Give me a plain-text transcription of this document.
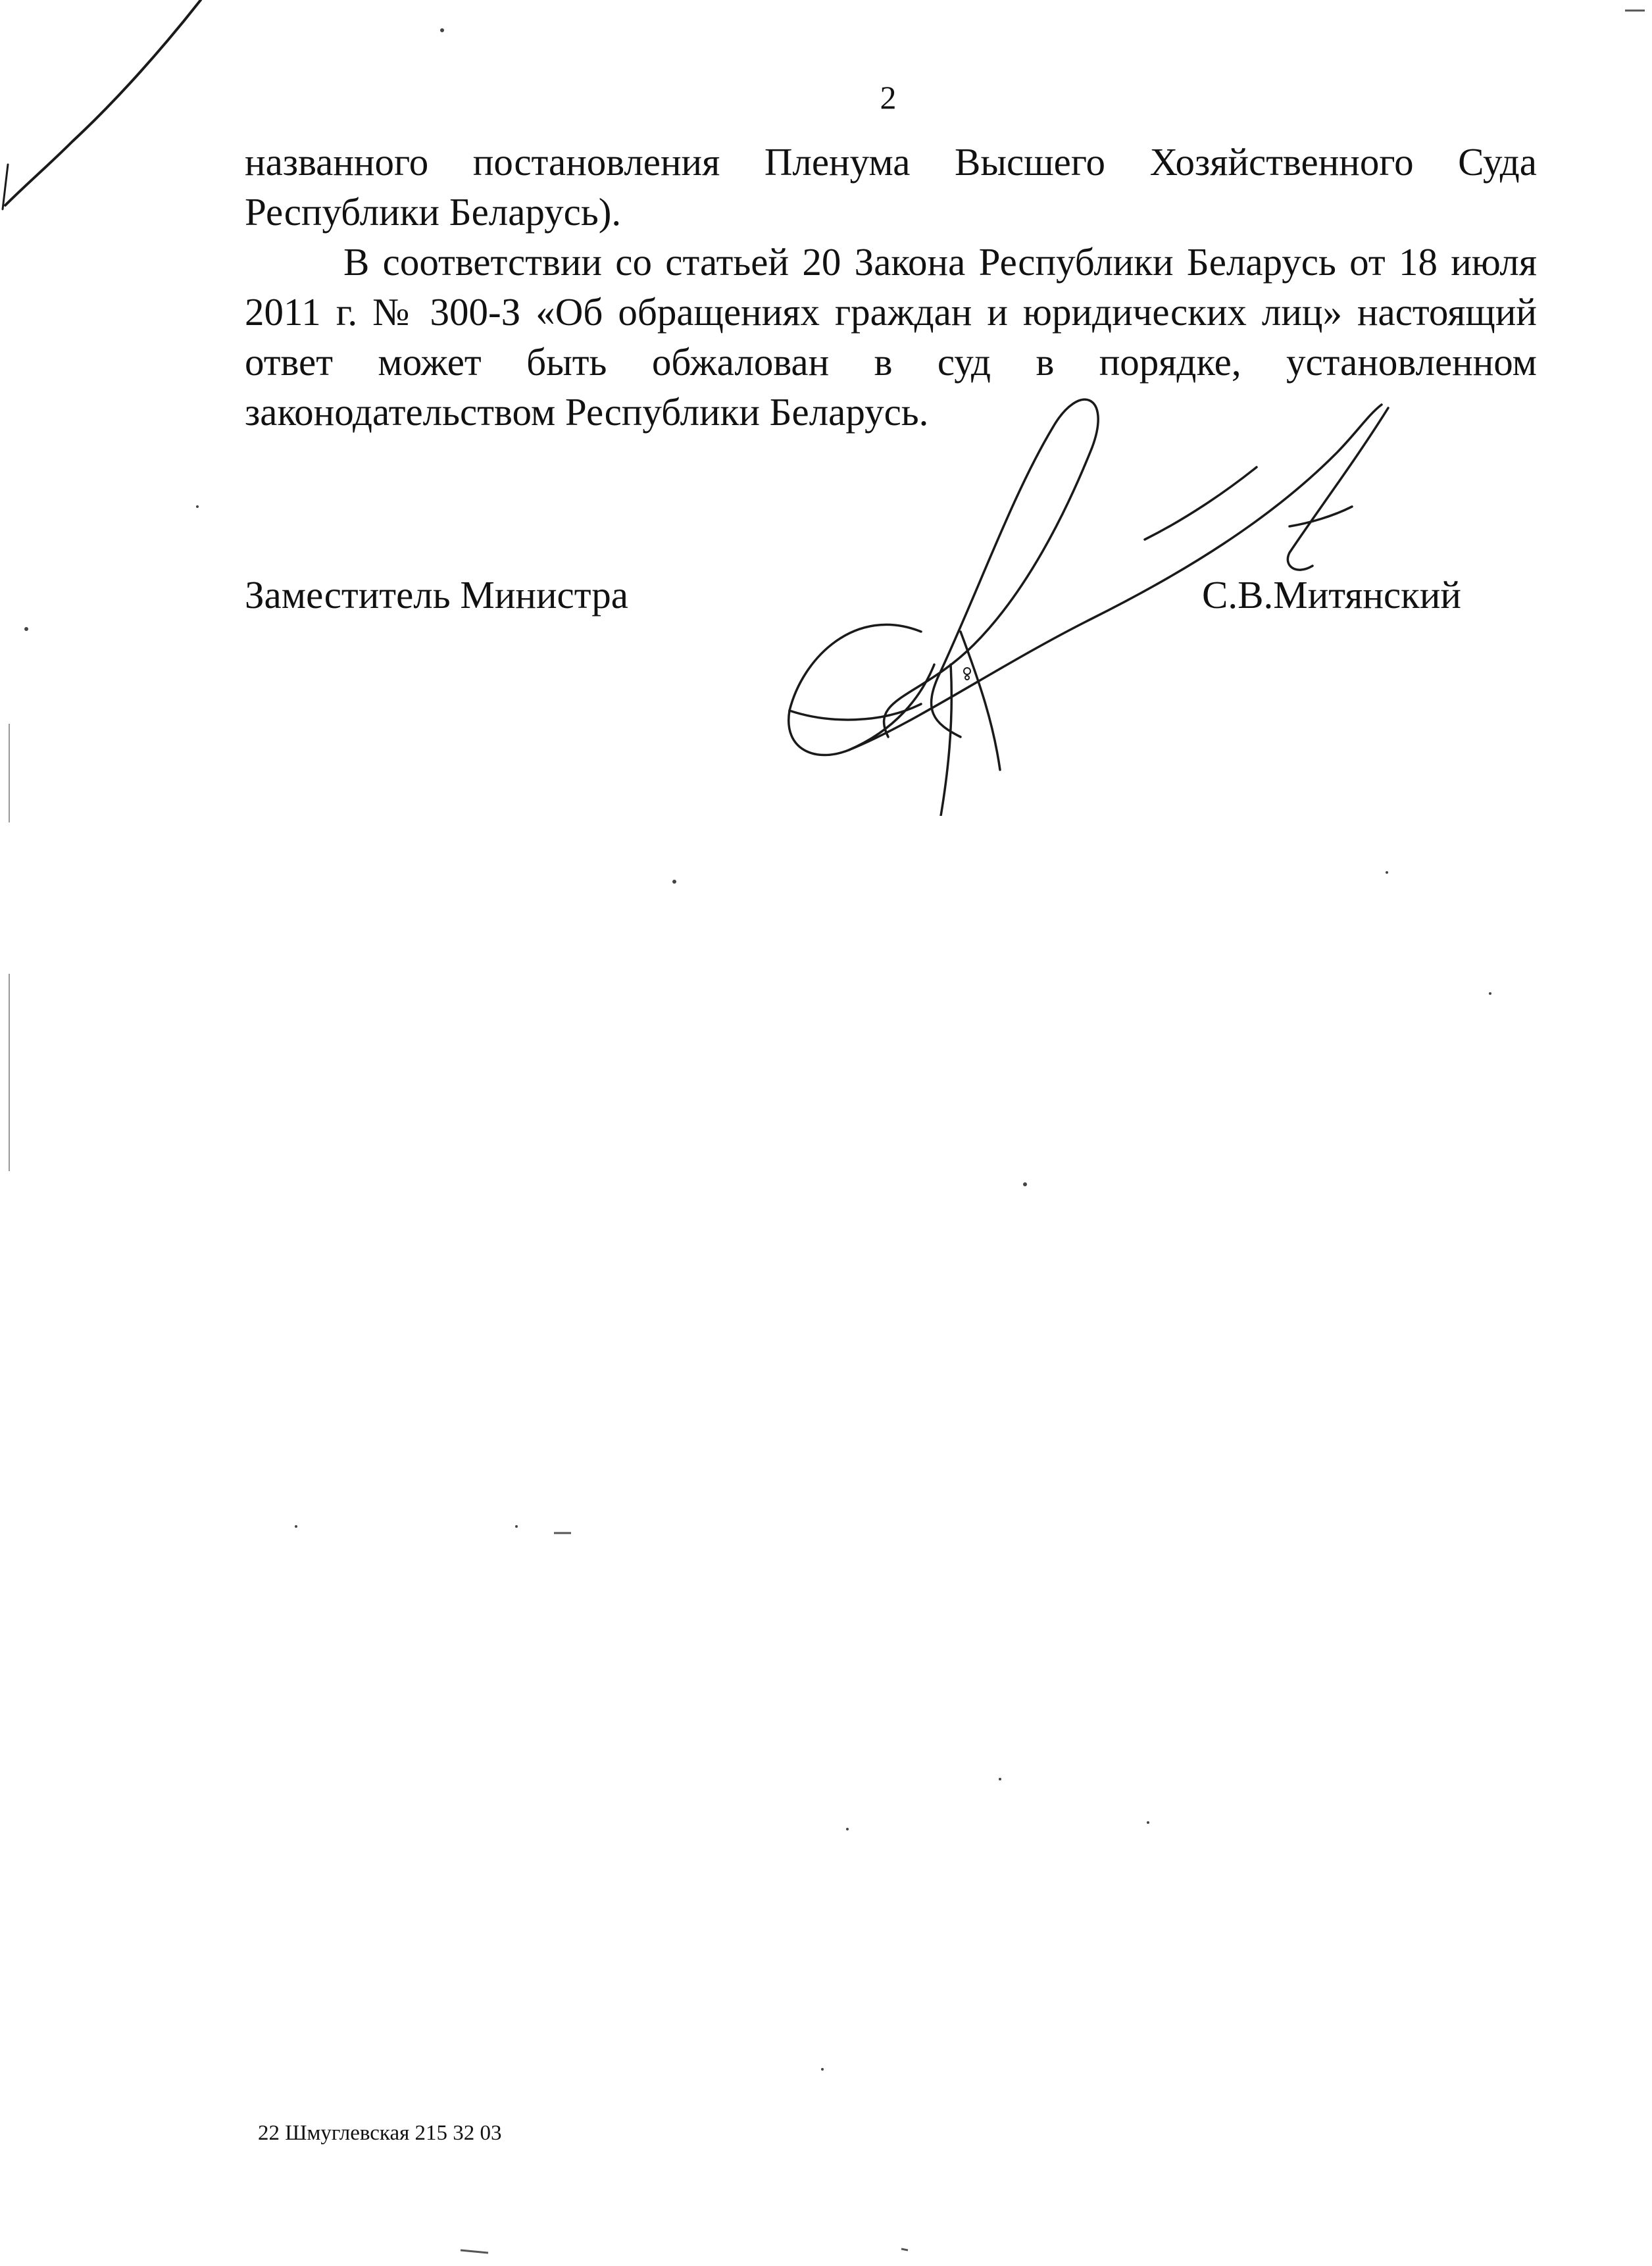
2

названного постановления Пленума Высшего Хозяйственного Суда Республики Беларусь).

В соответствии со статьей 20 Закона Республики Беларусь от 18 июля 2011 г. № 300-З «Об обращениях граждан и юридических лиц» настоящий ответ может быть обжалован в суд в порядке, установленном законодательством Республики Беларусь.

Заместитель Министра	С.В.Митянский
22 Шмуглевская 215 32 03
